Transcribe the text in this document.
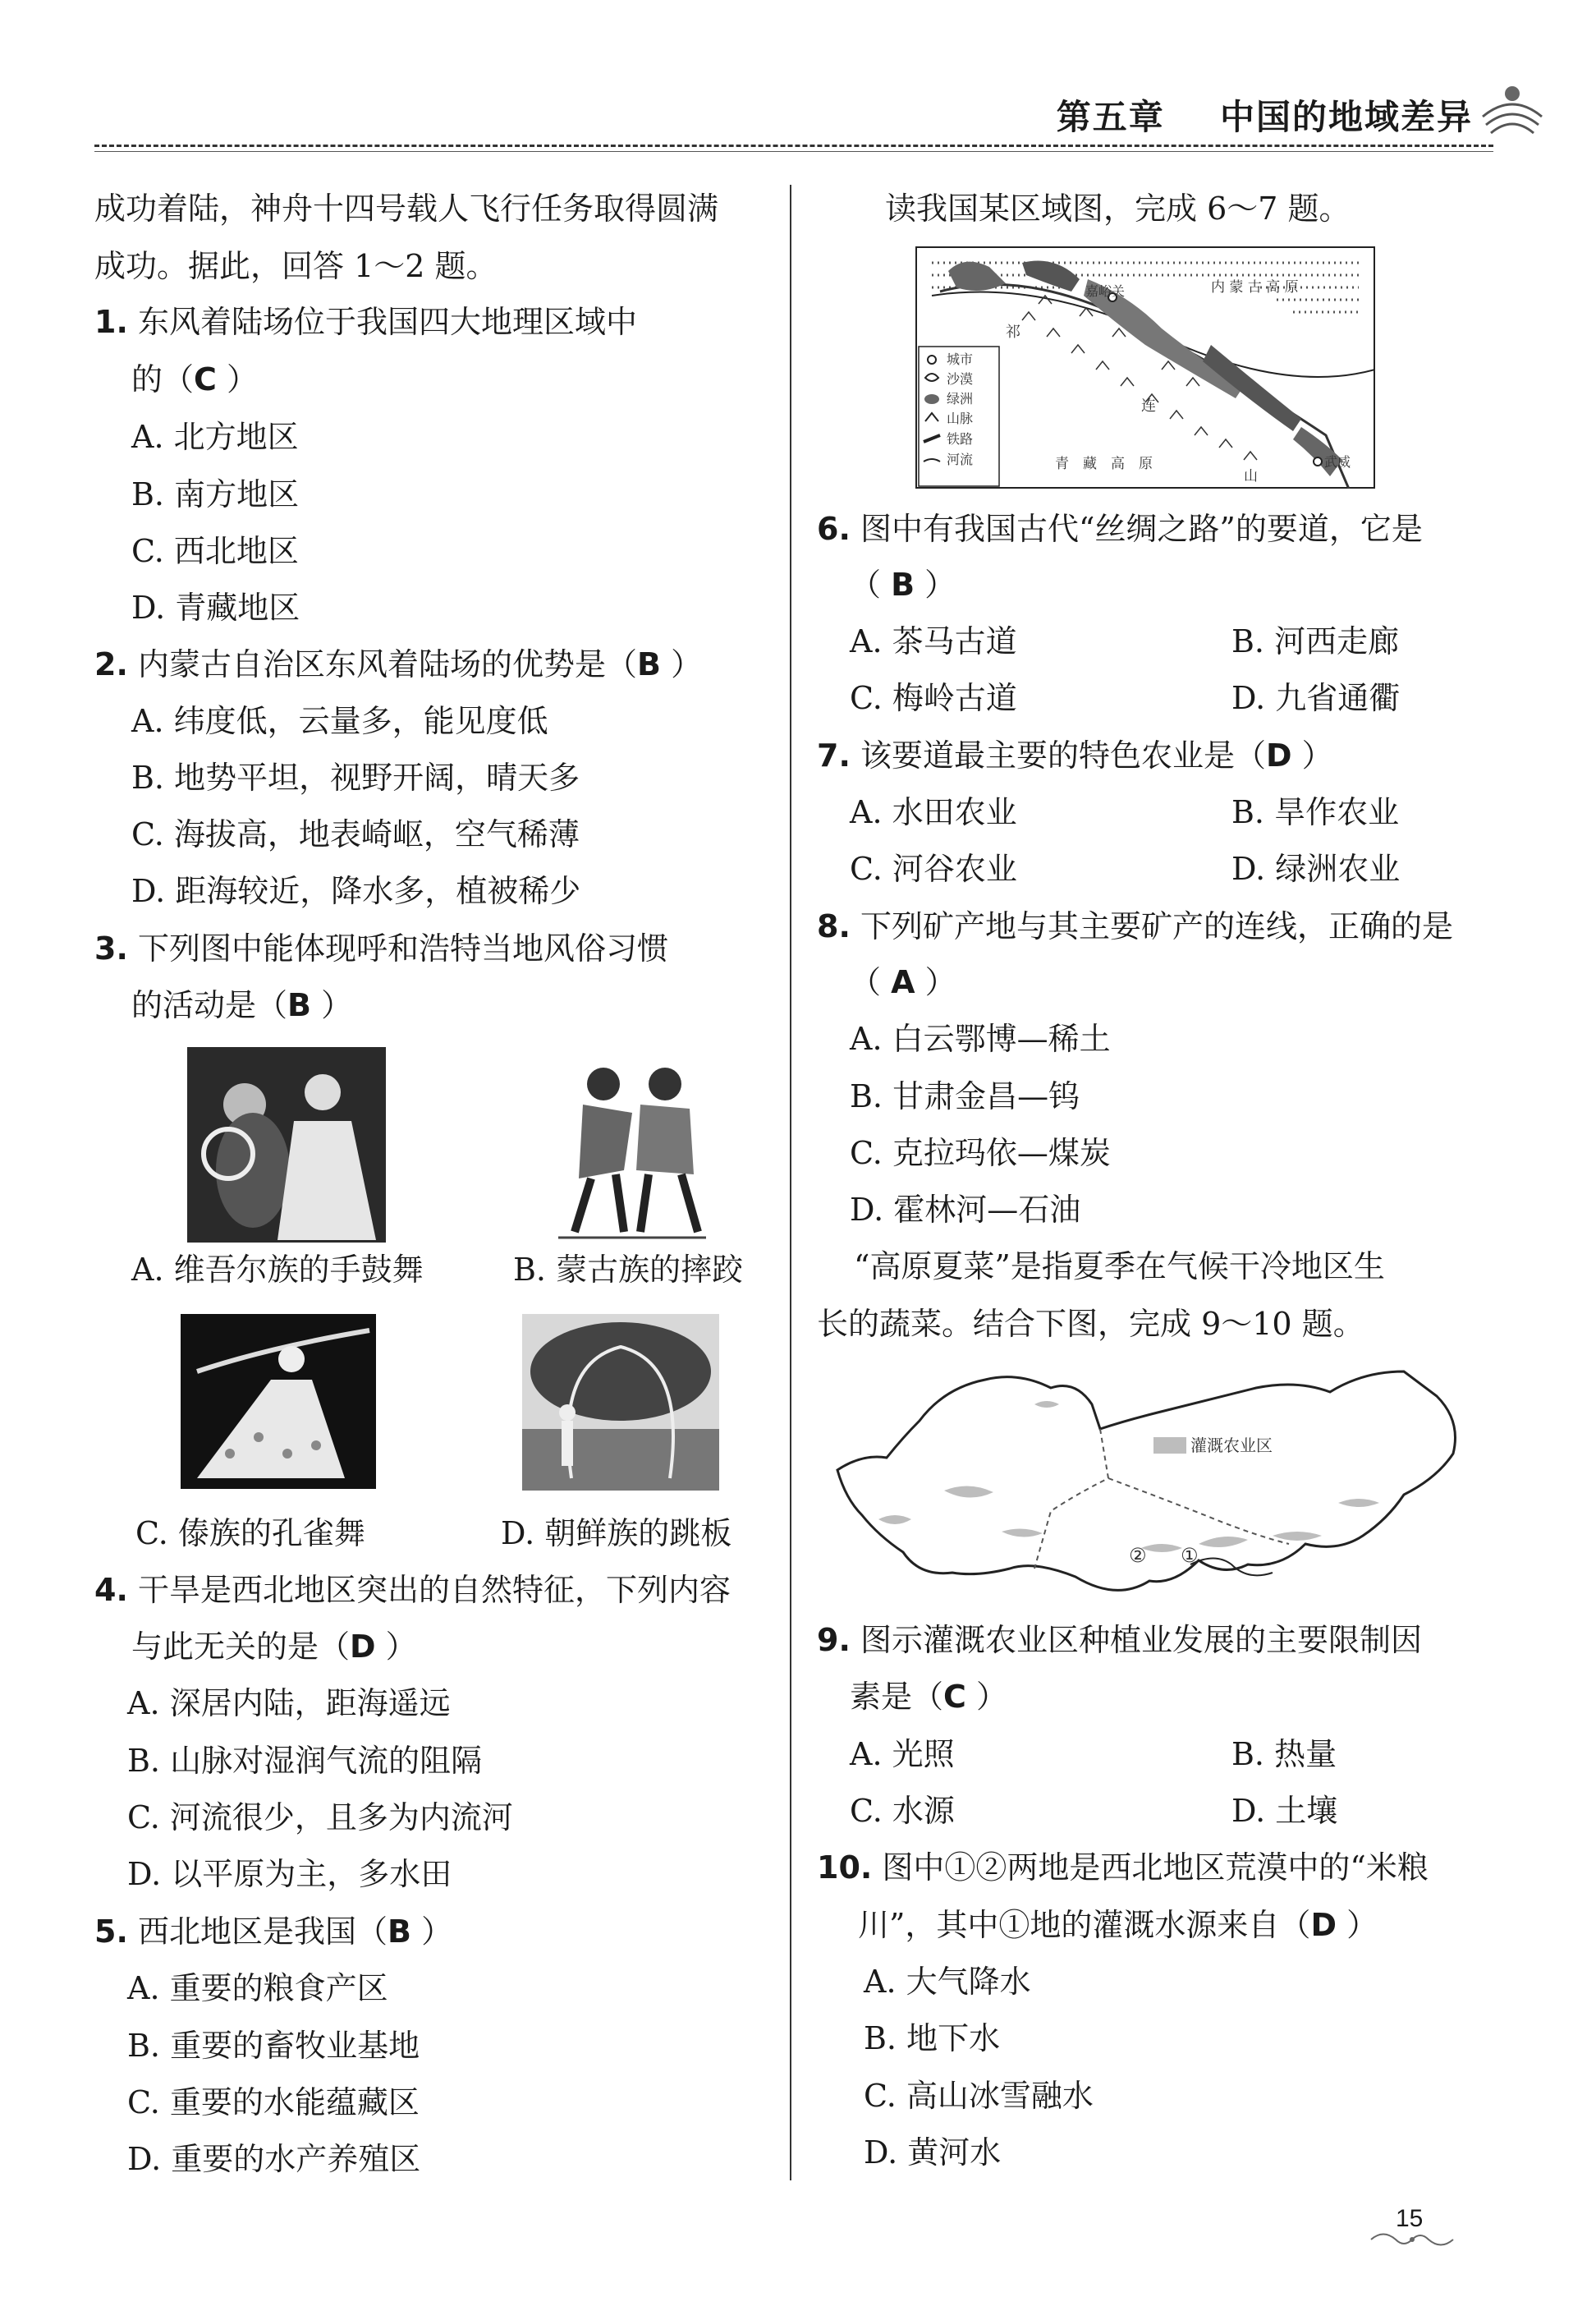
第五章 中国的地域差异
成功着陆，神舟十四号载人飞行任务取得圆满
成功。据此，回答 1～2 题。
1. 东风着陆场位于我国四大地理区域中
的（C ）
A. 北方地区
B. 南方地区
C. 西北地区
D. 青藏地区
2. 内蒙古自治区东风着陆场的优势是（B ）
A. 纬度低，云量多，能见度低
B. 地势平坦，视野开阔，晴天多
C. 海拔高，地表崎岖，空气稀薄
D. 距海较近，降水多，植被稀少
3. 下列图中能体现呼和浩特当地风俗习惯
的活动是（B ）
A. 维吾尔族的手鼓舞	B. 蒙古族的摔跤
C. 傣族的孔雀舞	D. 朝鲜族的跳板
4. 干旱是西北地区突出的自然特征，下列内容
与此无关的是（D ）
A. 深居内陆，距海遥远
B. 山脉对湿润气流的阻隔
C. 河流很少，且多为内流河
D. 以平原为主，多水田
5. 西北地区是我国（B ）
A. 重要的粮食产区
B. 重要的畜牧业基地
C. 重要的水能蕴藏区
D. 重要的水产养殖区
读我国某区域图，完成 6～7 题。
嘉峪关	内 蒙 古 高 原
祁
连
武威
青　藏　高　原
山
城市
沙漠
绿洲
山脉
铁路
河流
6. 图中有我国古代“丝绸之路”的要道，它是
（ B ）
A. 茶马古道	B. 河西走廊
C. 梅岭古道	D. 九省通衢
7. 该要道最主要的特色农业是（D ）
A. 水田农业	B. 旱作农业
C. 河谷农业	D. 绿洲农业
8. 下列矿产地与其主要矿产的连线，正确的是
（ A ）
A. 白云鄂博—稀土
B. 甘肃金昌—钨
C. 克拉玛依—煤炭
D. 霍林河—石油
“高原夏菜”是指夏季在气候干冷地区生
长的蔬菜。结合下图，完成 9～10 题。
灌溉农业区
①
②
9. 图示灌溉农业区种植业发展的主要限制因
素是（C ）
A. 光照	B. 热量
C. 水源	D. 土壤
10. 图中①②两地是西北地区荒漠中的“米粮
川”，其中①地的灌溉水源来自（D ）
A. 大气降水
B. 地下水
C. 高山冰雪融水
D. 黄河水
15
